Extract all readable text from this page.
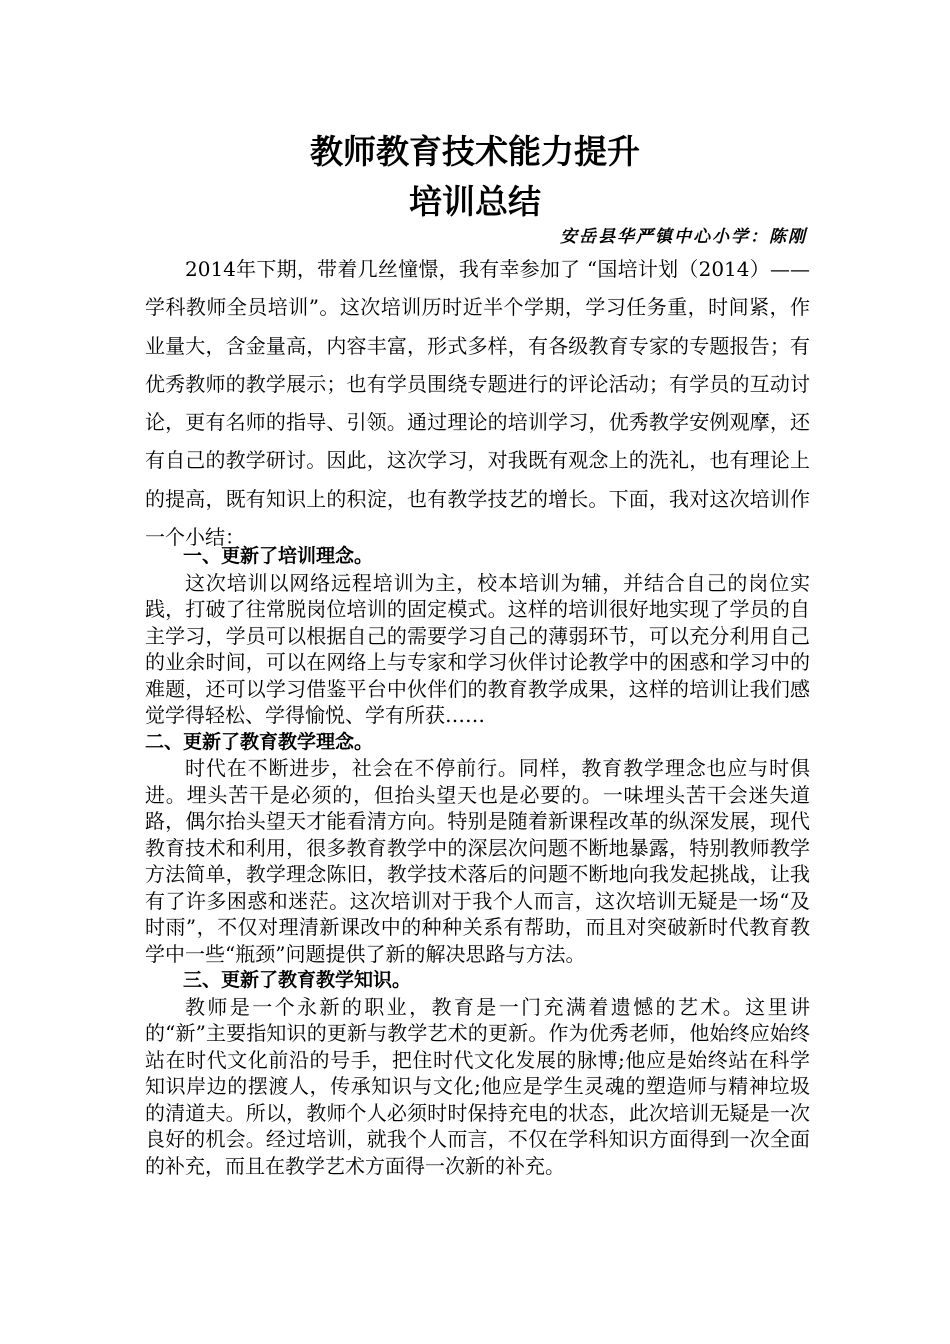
教师教育技术能力提升
培训总结
安岳县华严镇中心小学：陈刚

2014年下期，带着几丝憧憬，我有幸参加了 “国培计划（2014）——学科教师全员培训”。这次培训历时近半个学期，学习任务重，时间紧，作业量大，含金量高，内容丰富，形式多样，有各级教育专家的专题报告；有优秀教师的教学展示；也有学员围绕专题进行的评论活动；有学员的互动讨论，更有名师的指导、引领。通过理论的培训学习，优秀教学安例观摩，还有自己的教学研讨。因此，这次学习，对我既有观念上的洗礼，也有理论上的提高，既有知识上的积淀，也有教学技艺的增长。下面，我对这次培训作一个小结：

一、更新了培训理念。

这次培训以网络远程培训为主，校本培训为辅，并结合自己的岗位实践，打破了往常脱岗位培训的固定模式。这样的培训很好地实现了学员的自主学习，学员可以根据自己的需要学习自己的薄弱环节，可以充分利用自己的业余时间，可以在网络上与专家和学习伙伴讨论教学中的困惑和学习中的难题，还可以学习借鉴平台中伙伴们的教育教学成果，这样的培训让我们感觉学得轻松、学得愉悦、学有所获……

二、更新了教育教学理念。

时代在不断进步，社会在不停前行。同样，教育教学理念也应与时俱进。埋头苦干是必须的，但抬头望天也是必要的。一味埋头苦干会迷失道路，偶尔抬头望天才能看清方向。特别是随着新课程改革的纵深发展，现代教育技术和利用，很多教育教学中的深层次问题不断地暴露，特别教师教学方法简单，教学理念陈旧，教学技术落后的问题不断地向我发起挑战，让我有了许多困惑和迷茫。这次培训对于我个人而言，这次培训无疑是一场“及时雨”，不仅对理清新课改中的种种关系有帮助，而且对突破新时代教育教学中一些“瓶颈”问题提供了新的解决思路与方法。

三、更新了教育教学知识。

教师是一个永新的职业，教育是一门充满着遗憾的艺术。这里讲的“新”主要指知识的更新与教学艺术的更新。作为优秀老师，他始终应始终站在时代文化前沿的号手，把住时代文化发展的脉博;他应是始终站在科学知识岸边的摆渡人，传承知识与文化;他应是学生灵魂的塑造师与精神垃圾的清道夫。所以，教师个人必须时时保持充电的状态，此次培训无疑是一次良好的机会。经过培训，就我个人而言，不仅在学科知识方面得到一次全面的补充，而且在教学艺术方面得一次新的补充。
